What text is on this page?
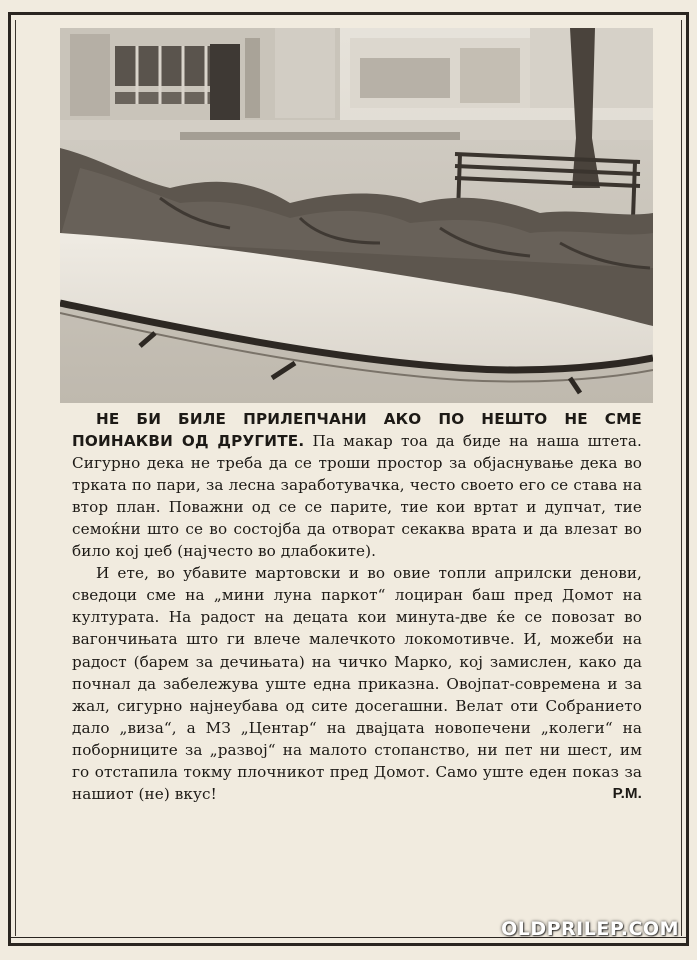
НЕ БИ БИЛЕ ПРИЛЕПЧАНИ АКО ПО НЕШТО НЕ СМЕ ПОИНАКВИ ОД ДРУГИТЕ. Па макар тоа да биде на наша штета. Сигурно дека не треба да се троши простор за објаснување дека во трката по пари, за лесна заработувачка, често своето его се става на втор план. Поважни од се се парите, тие кои вртат и дупчат, тие семоќни што се во состојба да отворат секаква врата и да влезат во било кој џеб (најчесто во длабоките).

И ете, во убавите мартовски и во овие топли априлски денови, сведоци сме на „мини луна паркот“ лоциран баш пред Домот на културата. На радост на децата кои минута-две ќе се повозат во вагончињата што ги влече малечкото локомотивче. И, можеби на радост (барем за дечињата) на чичко Марко, кој замислен, како да почнал да забележува уште една приказна. Овојпат-современа и за жал, сигурно најнеубава од сите досегашни. Велат оти Собранието дало „виза“, а МЗ „Центар“ на двајцата новопечени „колеги“ на поборниците за „развој“ на малото стопанство, ни пет ни шест, им го отстапила токму плочникот пред Домот. Само уште еден показ за нашиот (не) вкус!	Р.М.

OLDPRILEP.COM
